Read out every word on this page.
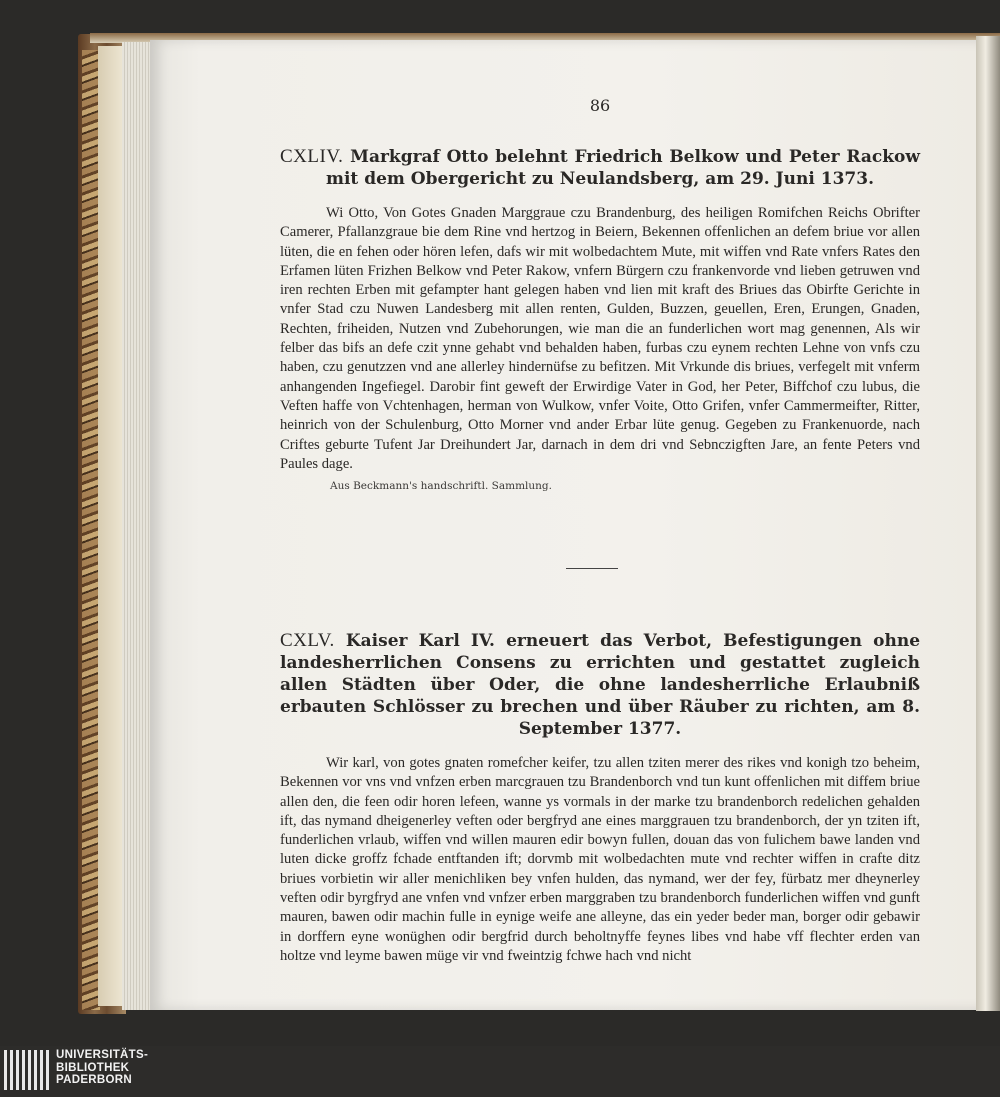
86
CXLIV. Markgraf Otto belehnt Friedrich Belkow und Peter Rackow mit dem Obergericht zu Neulandsberg, am 29. Juni 1373.
Wi Otto, Von Gotes Gnaden Marggraue czu Brandenburg, des heiligen Romifchen Reichs Obrifter Camerer, Pfallanzgraue bie dem Rine vnd hertzog in Beiern, Bekennen offenlichen an defem briue vor allen lüten, die en fehen oder hören lefen, dafs wir mit wolbedachtem Mute, mit wiffen vnd Rate vnfers Rates den Erfamen lüten Frizhen Belkow vnd Peter Rakow, vnfern Bürgern czu frankenvorde vnd lieben getruwen vnd iren rechten Erben mit gefampter hant gelegen haben vnd lien mit kraft des Briues das Obirfte Gerichte in vnfer Stad czu Nuwen Landesberg mit allen renten, Gulden, Buzzen, geuellen, Eren, Erungen, Gnaden, Rechten, friheiden, Nutzen vnd Zubehorungen, wie man die an funderlichen wort mag genennen, Als wir felber das bifs an defe czit ynne gehabt vnd behalden haben, furbas czu eynem rechten Lehne von vnfs czu haben, czu genutzzen vnd ane allerley hindernüfse zu befitzen. Mit Vrkunde dis briues, verfegelt mit vnferm anhangenden Ingefiegel. Darobir fint geweft der Erwirdige Vater in God, her Peter, Biffchof czu lubus, die Veften haffe von Vchtenhagen, herman von Wulkow, vnfer Voite, Otto Grifen, vnfer Cammermeifter, Ritter, heinrich von der Schulenburg, Otto Morner vnd ander Erbar lüte genug. Gegeben zu Frankenuorde, nach Criftes geburte Tufent Jar Dreihundert Jar, darnach in dem dri vnd Sebnczigften Jare, an fente Peters vnd Paules dage.
Aus Beckmann's handschriftl. Sammlung.
CXLV. Kaiser Karl IV. erneuert das Verbot, Befestigungen ohne landesherrlichen Consens zu errichten und gestattet zugleich allen Städten über Oder, die ohne landesherrliche Erlaubniß erbauten Schlösser zu brechen und über Räuber zu richten, am 8. September 1377.
Wir karl, von gotes gnaten romefcher keifer, tzu allen tziten merer des rikes vnd konigh tzo beheim, Bekennen vor vns vnd vnfzen erben marcgrauen tzu Brandenborch vnd tun kunt offenlichen mit diffem briue allen den, die feen odir horen lefeen, wanne ys vormals in der marke tzu brandenborch redelichen gehalden ift, das nymand dheigenerley veften oder bergfryd ane eines marggrauen tzu brandenborch, der yn tziten ift, funderlichen vrlaub, wiffen vnd willen mauren edir bowyn fullen, douan das von fulichem bawe landen vnd luten dicke groffz fchade entftanden ift; dorvmb mit wolbedachten mute vnd rechter wiffen in crafte ditz briues vorbietin wir aller menichliken bey vnfen hulden, das nymand, wer der fey, fürbatz mer dheynerley veften odir byrgfryd ane vnfen vnd vnfzer erben marggraben tzu brandenborch funderlichen wiffen vnd gunft mauren, bawen odir machin fulle in eynige weife ane alleyne, das ein yeder beder man, borger odir gebawir in dorffern eyne wonüghen odir bergfrid durch beholtnyffe feynes libes vnd habe vff flechter erden van holtze vnd leyme bawen müge vir vnd fweintzig fchwe hach vnd nicht
UNIVERSITÄTS-
BIBLIOTHEK
PADERBORN
